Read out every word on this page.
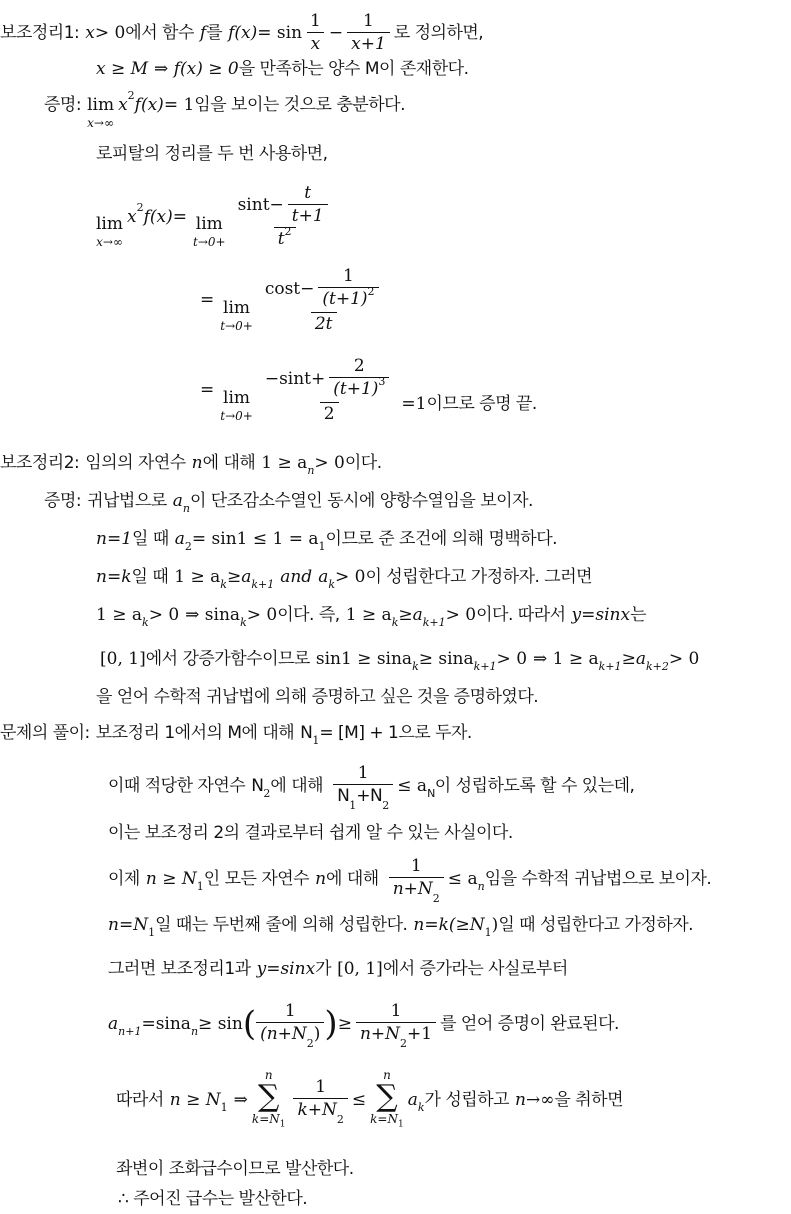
보조정리1: x > 0 에서 함수 f 를 $f(x) = \sin \frac{1}{x} - \frac{1}{x+1}$ 로 정의하면,
x ≥ M ⇒ f(x) ≥ 0 을 만족하는 양수 M이 존재한다.
증명: lim
x→∞
x 2 f(x) = 1 임을 보이는 것으로 충분하다.
로피탈의 정리를 두 번 사용하면,
lim
x→∞
x 2 f(x) = lim
$t\to 0+ \frac{\sin t- \frac{t}{t+1}}{t^2}$
= lim
$t\to 0+ \frac{\cos t- \frac{1}{(t+1)^2}}{2t}$
= lim
$t\to 0+ \frac{-\sin t+ \frac{2}{(t+1)^3}}{2} =1$ 이므로 증명 끝.
보조정리2: 임의의 자연수 n 에 대해 1 ≥ a n > 0 이다.
증명: 귀납법으로 a n 이 단조감소수열인 동시에 양항수열임을 보이자.
n=1 일 때 a 2 = sin1 ≤ 1 = a 1 이므로 준 조건에 의해 명백하다.
n=k 일 때 1 ≥ a k ≥ a k+1 and a k > 0 이 성립한다고 가정하자. 그러면
1 ≥ a k > 0 ⇒ sina k > 0 이다. 즉, 1 ≥ a k ≥ a k+1 > 0 이다. 따라서 y=sinx 는
[0, 1] 에서 강증가함수이므로 sin1 ≥ sina k ≥ sina k+1 > 0 ⇒ 1 ≥ a k+1 ≥ a k+2 > 0
을 얻어 수학적 귀납법에 의해 증명하고 싶은 것을 증명하였다.
문제의 풀이: 보조정리 1에서의 M에 대해 N 1 = [M] + 1 으로 두자.
이때 적당한 자연수 N 2 에 대해 $\frac{1}{N_1+N_2} \le a$ N 이 성립하도록 할 수 있는데,
이는 보조정리 2의 결과로부터 쉽게 알 수 있는 사실이다.
이제 n ≥ N 1 인 모든 자연수 n 에 대해 $\frac{1}{n+N_2} \le a$ n 임을 수학적 귀납법으로 보이자.
n=N 1 일 때는 두번째 줄에 의해 성립한다. n=k(≥N 1 ) 일 때 성립한다고 가정하자.
그러면 보조정리1과 y=sinx 가 [0, 1] 에서 증가라는 사실로부터
a n+1 =sina n ≥ sin ( $\frac{1}{(n+N_2)}$ ) ≥ $\frac{1}{n+N_2+1}$ 를 얻어 증명이 완료된다.
따라서 n ≥ N 1 ⇒
n
∑
$k=N_1$
$\frac{1}{k+N_2}$ ≤
n
∑
$k=N_1$
a k 가 성립하고 n→∞ 을 취하면
좌변이 조화급수이므로 발산한다.
∴ 주어진 급수는 발산한다.
